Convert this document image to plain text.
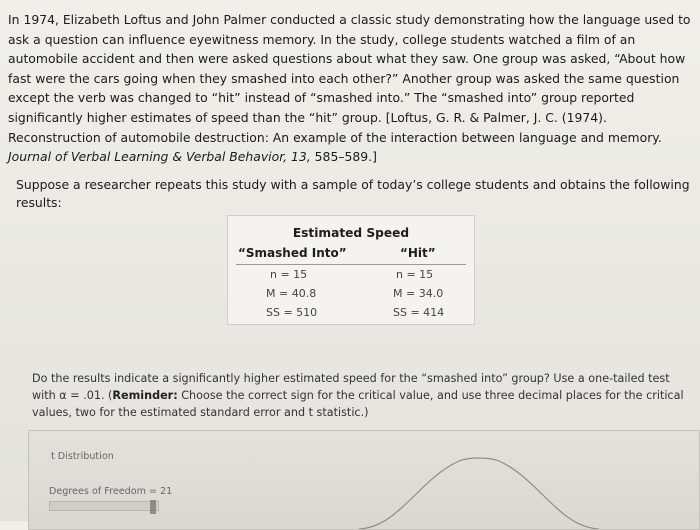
In 1974, Elizabeth Loftus and John Palmer conducted a classic study demonstrating how the language used to ask a question can influence eyewitness memory. In the study, college students watched a film of an automobile accident and then were asked questions about what they saw. One group was asked, “About how fast were the cars going when they smashed into each other?” Another group was asked the same question except the verb was changed to “hit” instead of “smashed into.” The “smashed into” group reported significantly higher estimates of speed than the “hit” group. [Loftus, G. R. & Palmer, J. C. (1974). Reconstruction of automobile destruction: An example of the interaction between language and memory. Journal of Verbal Learning & Verbal Behavior, 13, 585–589.]
Suppose a researcher repeats this study with a sample of today’s college students and obtains the following results:
Estimated Speed
“Smashed Into”	“Hit”
n = 15
M = 40.8
SS = 510
n = 15
M = 34.0
SS = 414
Do the results indicate a significantly higher estimated speed for the “smashed into” group? Use a one-tailed test with α = .01. (Reminder: Choose the correct sign for the critical value, and use three decimal places for the critical values, two for the estimated standard error and t statistic.)
t Distribution
Degrees of Freedom = 21
